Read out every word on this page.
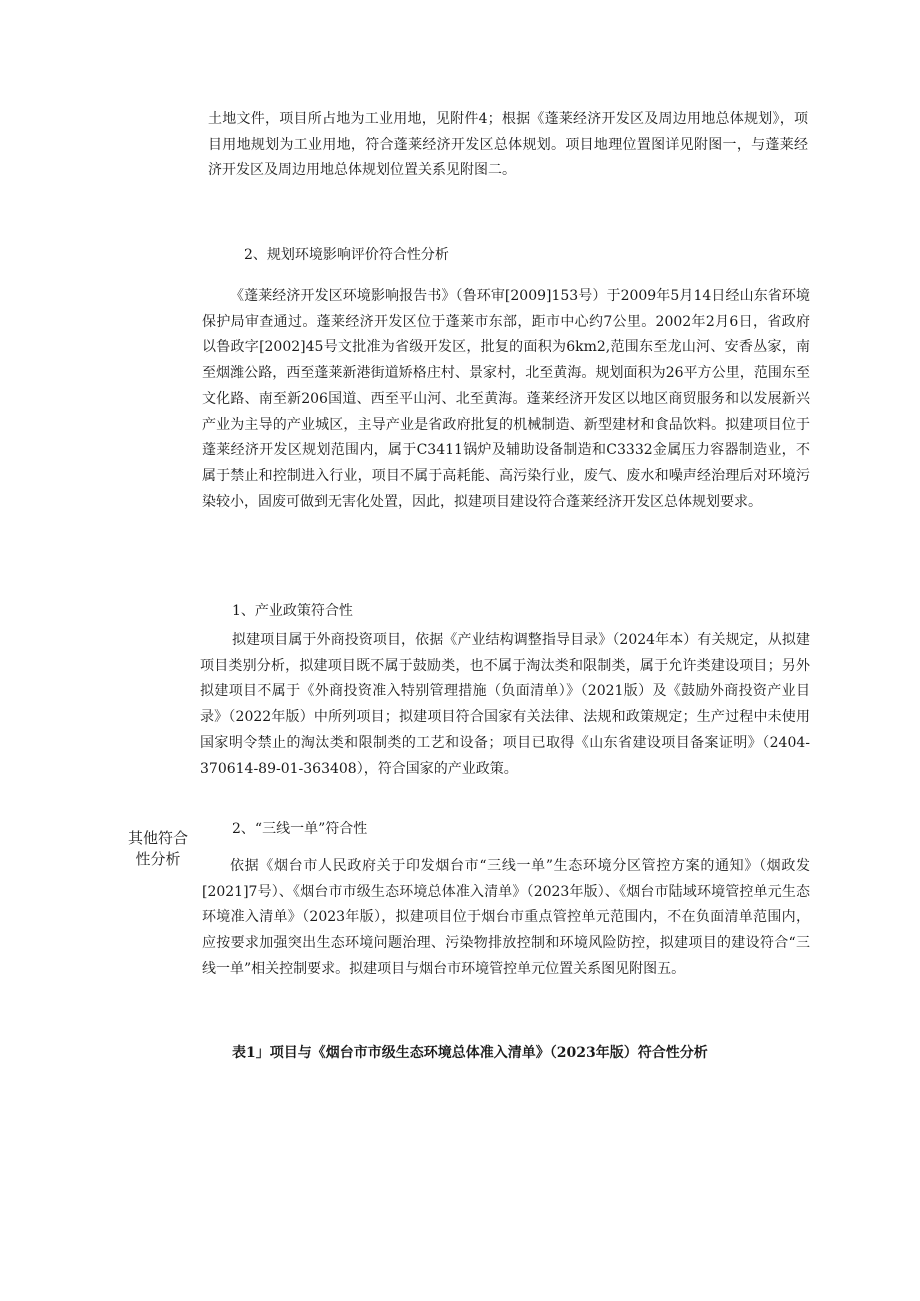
其他符合性分析

土地文件，项目所占地为工业用地，见附件4；根据《蓬莱经济开发区及周边用地总体规划》，项目用地规划为工业用地，符合蓬莱经济开发区总体规划。项目地理位置图详见附图一，与蓬莱经济开发区及周边用地总体规划位置关系见附图二。

2、规划环境影响评价符合性分析

《蓬莱经济开发区环境影响报告书》（鲁环审[2009]153号）于2009年5月14日经山东省环境保护局审查通过。蓬莱经济开发区位于蓬莱市东部，距市中心约7公里。2002年2月6日，省政府以鲁政字[2002]45号文批准为省级开发区，批复的面积为6km2,范围东至龙山河、安香丛家，南至烟潍公路，西至蓬莱新港街道矫格庄村、景家村，北至黄海。规划面积为26平方公里，范围东至文化路、南至新206国道、西至平山河、北至黄海。蓬莱经济开发区以地区商贸服务和以发展新兴产业为主导的产业城区，主导产业是省政府批复的机械制造、新型建材和食品饮料。拟建项目位于蓬莱经济开发区规划范围内，属于C3411锅炉及辅助设备制造和C3332金属压力容器制造业，不属于禁止和控制进入行业，项目不属于高耗能、高污染行业，废气、废水和噪声经治理后对环境污染较小，固废可做到无害化处置，因此，拟建项目建设符合蓬莱经济开发区总体规划要求。

1、产业政策符合性

拟建项目属于外商投资项目，依据《产业结构调整指导目录》（2024年本）有关规定，从拟建项目类别分析，拟建项目既不属于鼓励类，也不属于淘汰类和限制类，属于允许类建设项目；另外拟建项目不属于《外商投资准入特别管理措施（负面清单）》（2021版）及《鼓励外商投资产业目录》（2022年版）中所列项目；拟建项目符合国家有关法律、法规和政策规定；生产过程中未使用国家明令禁止的淘汰类和限制类的工艺和设备；项目已取得《山东省建设项目备案证明》（2404-370614-89-01-363408），符合国家的产业政策。

2、“三线一单”符合性

依据《烟台市人民政府关于印发烟台市“三线一单”生态环境分区管控方案的通知》（烟政发[2021]7号）、《烟台市市级生态环境总体准入清单》（2023年版）、《烟台市陆域环境管控单元生态环境准入清单》（2023年版），拟建项目位于烟台市重点管控单元范围内，不在负面清单范围内，应按要求加强突出生态环境问题治理、污染物排放控制和环境风险防控，拟建项目的建设符合“三线一单”相关控制要求。拟建项目与烟台市环境管控单元位置关系图见附图五。

表1」项目与《烟台市市级生态环境总体准入清单》（2023年版）符合性分析
